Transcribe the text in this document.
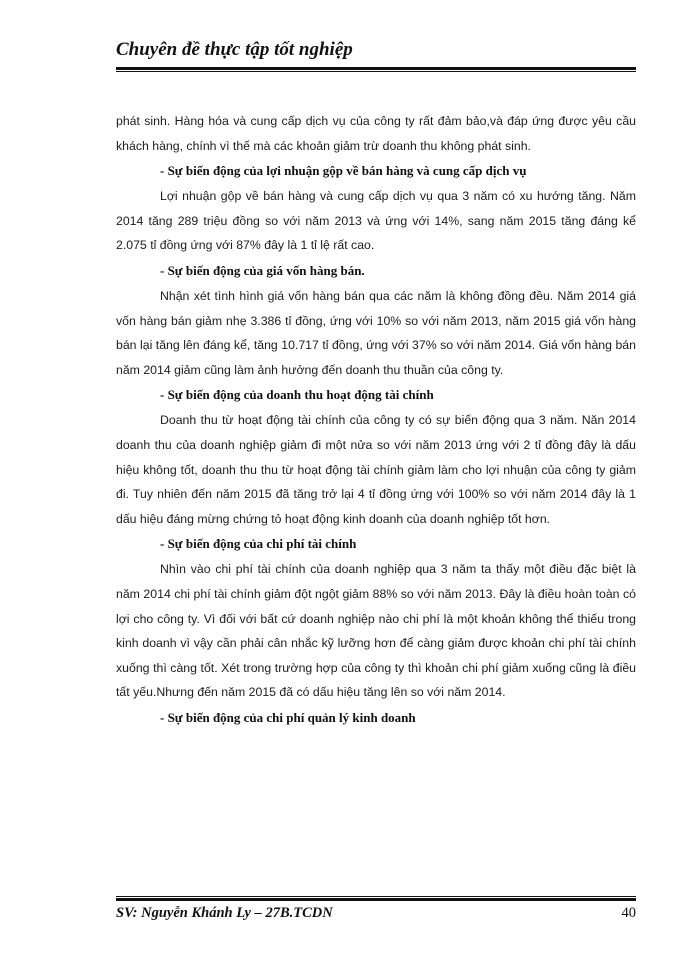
Chuyên đề thực tập tốt nghiệp

phát sinh. Hàng hóa và cung cấp dịch vụ của công ty rất đảm bảo,và đáp ứng được yêu cầu khách hàng, chính vì thế mà các khoản giảm trừ doanh thu không phát sinh.

- Sự biến động của lợi nhuận gộp về bán hàng và cung cấp dịch vụ

Lợi nhuận gộp về bán hàng và cung cấp dịch vụ qua 3 năm có xu hướng tăng. Năm 2014 tăng 289 triệu đồng so với năm 2013 và ứng với 14%, sang năm 2015 tăng đáng kể 2.075 tỉ đồng ứng với 87% đây là 1 tỉ lệ rất cao.

- Sự biến động của giá vốn hàng bán.

Nhận xét tình hình giá vốn hàng bán qua các năm là không đồng đều. Năm 2014 giá vốn hàng bán giảm nhẹ 3.386 tỉ đồng, ứng với 10% so với năm 2013, năm 2015 giá vốn hàng bán lại tăng lên đáng kể, tăng 10.717 tỉ đồng, ứng với 37% so với năm 2014. Giá vốn hàng bán năm 2014 giảm cũng làm ảnh hưởng đến doanh thu thuần của công ty.

- Sự biến động của doanh thu hoạt động tài chính

Doanh thu từ hoạt động tài chính của công ty có sự biến động qua 3 năm. Năn 2014 doanh thu của doanh nghiệp giảm đi một nửa so với năm 2013 ứng với 2 tỉ đồng đây là dấu hiệu không tốt, doanh thu thu từ hoạt động tài chính giảm làm cho lợi nhuận của công ty giảm đi. Tuy nhiên đến năm 2015 đã tăng trở lại 4 tỉ đồng ứng với 100% so với năm 2014 đây là 1 dấu hiệu đáng mừng chứng tỏ hoạt động kinh doanh của doanh nghiệp tốt hơn.

- Sự biến động của chi phí tài chính

Nhìn vào chi phí tài chính của doanh nghiệp qua 3 năm ta thấy một điều đặc biệt là năm 2014 chi phí tài chính giảm đột ngột giảm 88% so với năm 2013. Đây là điều hoàn toàn có lợi cho công ty. Vì đối với bất cứ doanh nghiệp nào chi phí là một khoản không thể thiếu trong kinh doanh vì vậy cần phải cân nhắc kỹ lưỡng hơn để càng giảm được khoản chi phí tài chính xuống thì càng tốt. Xét trong trường hợp của công ty thì khoản chi phí giảm xuống cũng là điều tất yếu.Nhưng đến năm 2015 đã có dấu hiệu tăng lên so với năm 2014.

- Sự biến động của chi phí quản lý kinh doanh

SV: Nguyễn Khánh Ly – 27B.TCDN	40
